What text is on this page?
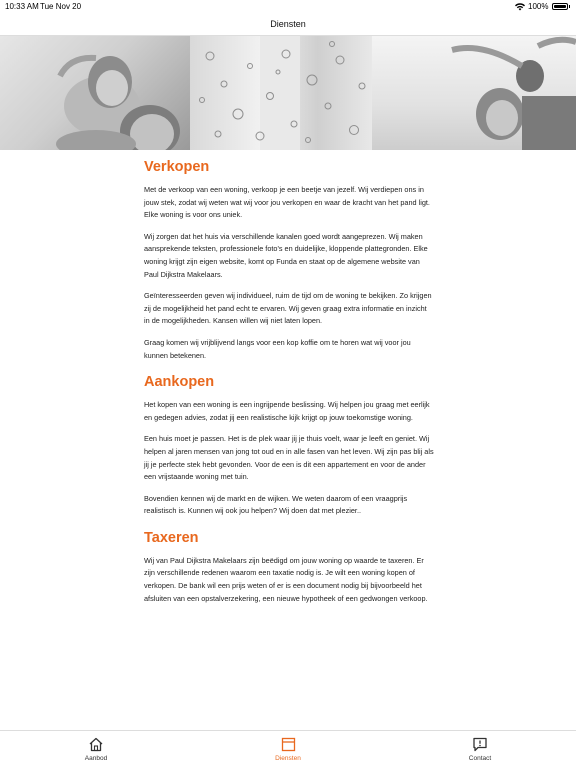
10:33 AM Tue Nov 20	100%
Diensten
Verkopen

Met de verkoop van een woning, verkoop je een beetje van jezelf. Wij verdiepen ons in jouw stek, zodat wij weten wat wij voor jou verkopen en waar de kracht van het pand ligt. Elke woning is voor ons uniek.

Wij zorgen dat het huis via verschillende kanalen goed wordt aangeprezen. Wij maken aansprekende teksten, professionele foto's en duidelijke, kloppende plattegronden. Elke woning krijgt zijn eigen website, komt op Funda en staat op de algemene website van Paul Dijkstra Makelaars.

Geïnteresseerden geven wij individueel, ruim de tijd om de woning te bekijken. Zo krijgen zij de mogelijkheid het pand echt te ervaren. Wij geven graag extra informatie en inzicht in de mogelijkheden. Kansen willen wij niet laten lopen.

Graag komen wij vrijblijvend langs voor een kop koffie om te horen wat wij voor jou kunnen betekenen.

Aankopen

Het kopen van een woning is een ingrijpende beslissing. Wij helpen jou graag met eerlijk en gedegen advies, zodat jij een realistische kijk krijgt op jouw toekomstige woning.

Een huis moet je passen. Het is de plek waar jij je thuis voelt, waar je leeft en geniet. Wij helpen al jaren mensen van jong tot oud en in alle fasen van het leven. Wij zijn pas blij als jij je perfecte stek hebt gevonden. Voor de een is dit een appartement en voor de ander een vrijstaande woning met tuin.

Bovendien kennen wij de markt en de wijken. We weten daarom of een vraagprijs realistisch is. Kunnen wij ook jou helpen? Wij doen dat met plezier..

Taxeren

Wij van Paul Dijkstra Makelaars zijn beëdigd om jouw woning op waarde te taxeren. Er zijn verschillende redenen waarom een taxatie nodig is. Je wilt een woning kopen of verkopen. De bank wil een prijs weten of er is een document nodig bij bijvoorbeeld het afsluiten van een opstalverzekering, een nieuwe hypotheek of een gedwongen verkoop.

Aanbod	Diensten	Contact
